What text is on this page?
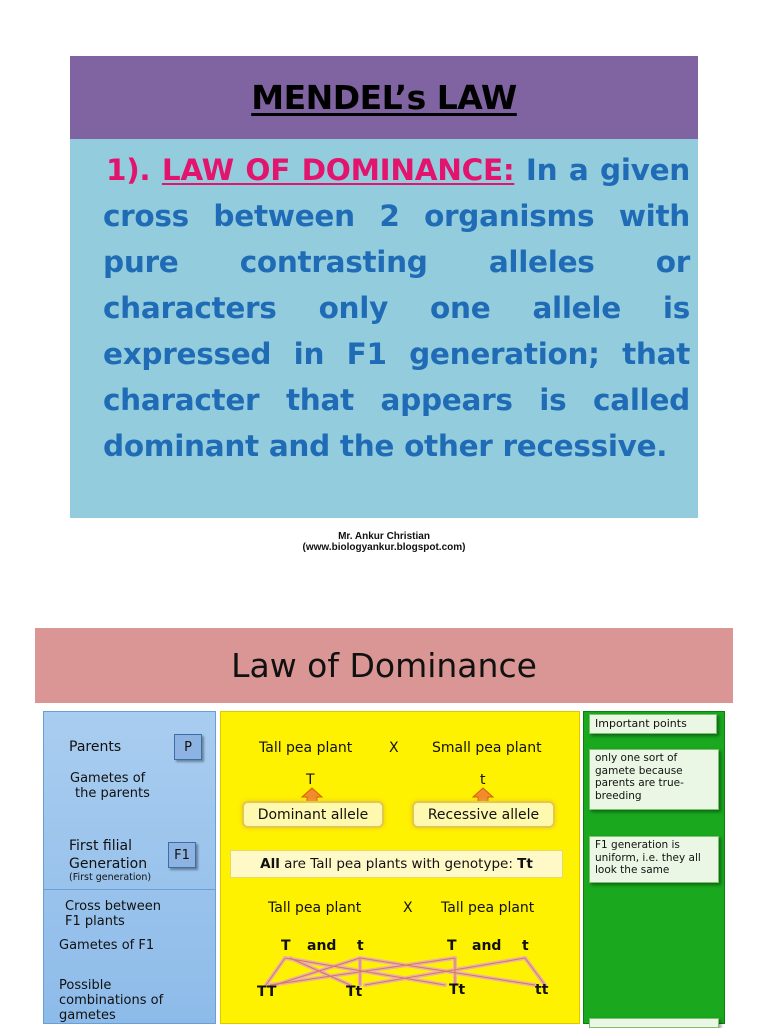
MENDEL’s LAW
1). LAW OF DOMINANCE: In a given cross between 2 organisms with pure contrasting alleles or characters only one allele is expressed in F1 generation; that character that appears is called dominant and the other recessive.
Mr. Ankur Christian
(www.biologyankur.blogspot.com)
Law of Dominance
Parents	P
Gametes of
the parents
First filial
Generation
(First generation)
F1
Cross between
F1 plants
Gametes of F1
Possible
combinations of
gametes
Tall pea plant	X Small pea plant
T	t
Dominant allele	Recessive allele
All are Tall pea plants with genotype: Tt
Tall pea plant	X Tall pea plant
T and t	T and t
TT	Tt	Tt	tt
Important points
only one sort of gamete because parents are true-breeding
F1 generation is uniform, i.e. they all look the same
